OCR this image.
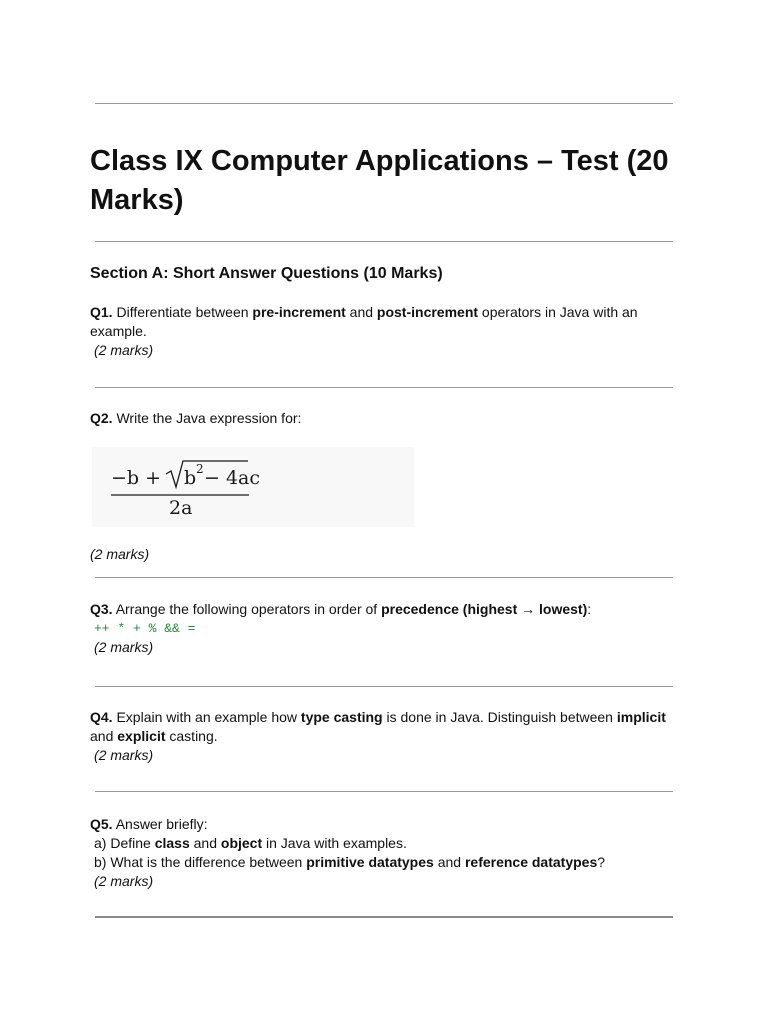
Class IX Computer Applications – Test (20 Marks)
Section A: Short Answer Questions (10 Marks)
Q1. Differentiate between pre-increment and post-increment operators in Java with an example.
(2 marks)
Q2. Write the Java expression for:
−b + b 2 − 4ac
2a
(2 marks)
Q3. Arrange the following operators in order of precedence (highest → lowest):
++ * + % && =
(2 marks)
Q4. Explain with an example how type casting is done in Java. Distinguish between implicit and explicit casting.
(2 marks)
Q5. Answer briefly:
a) Define class and object in Java with examples.
b) What is the difference between primitive datatypes and reference datatypes?
(2 marks)
